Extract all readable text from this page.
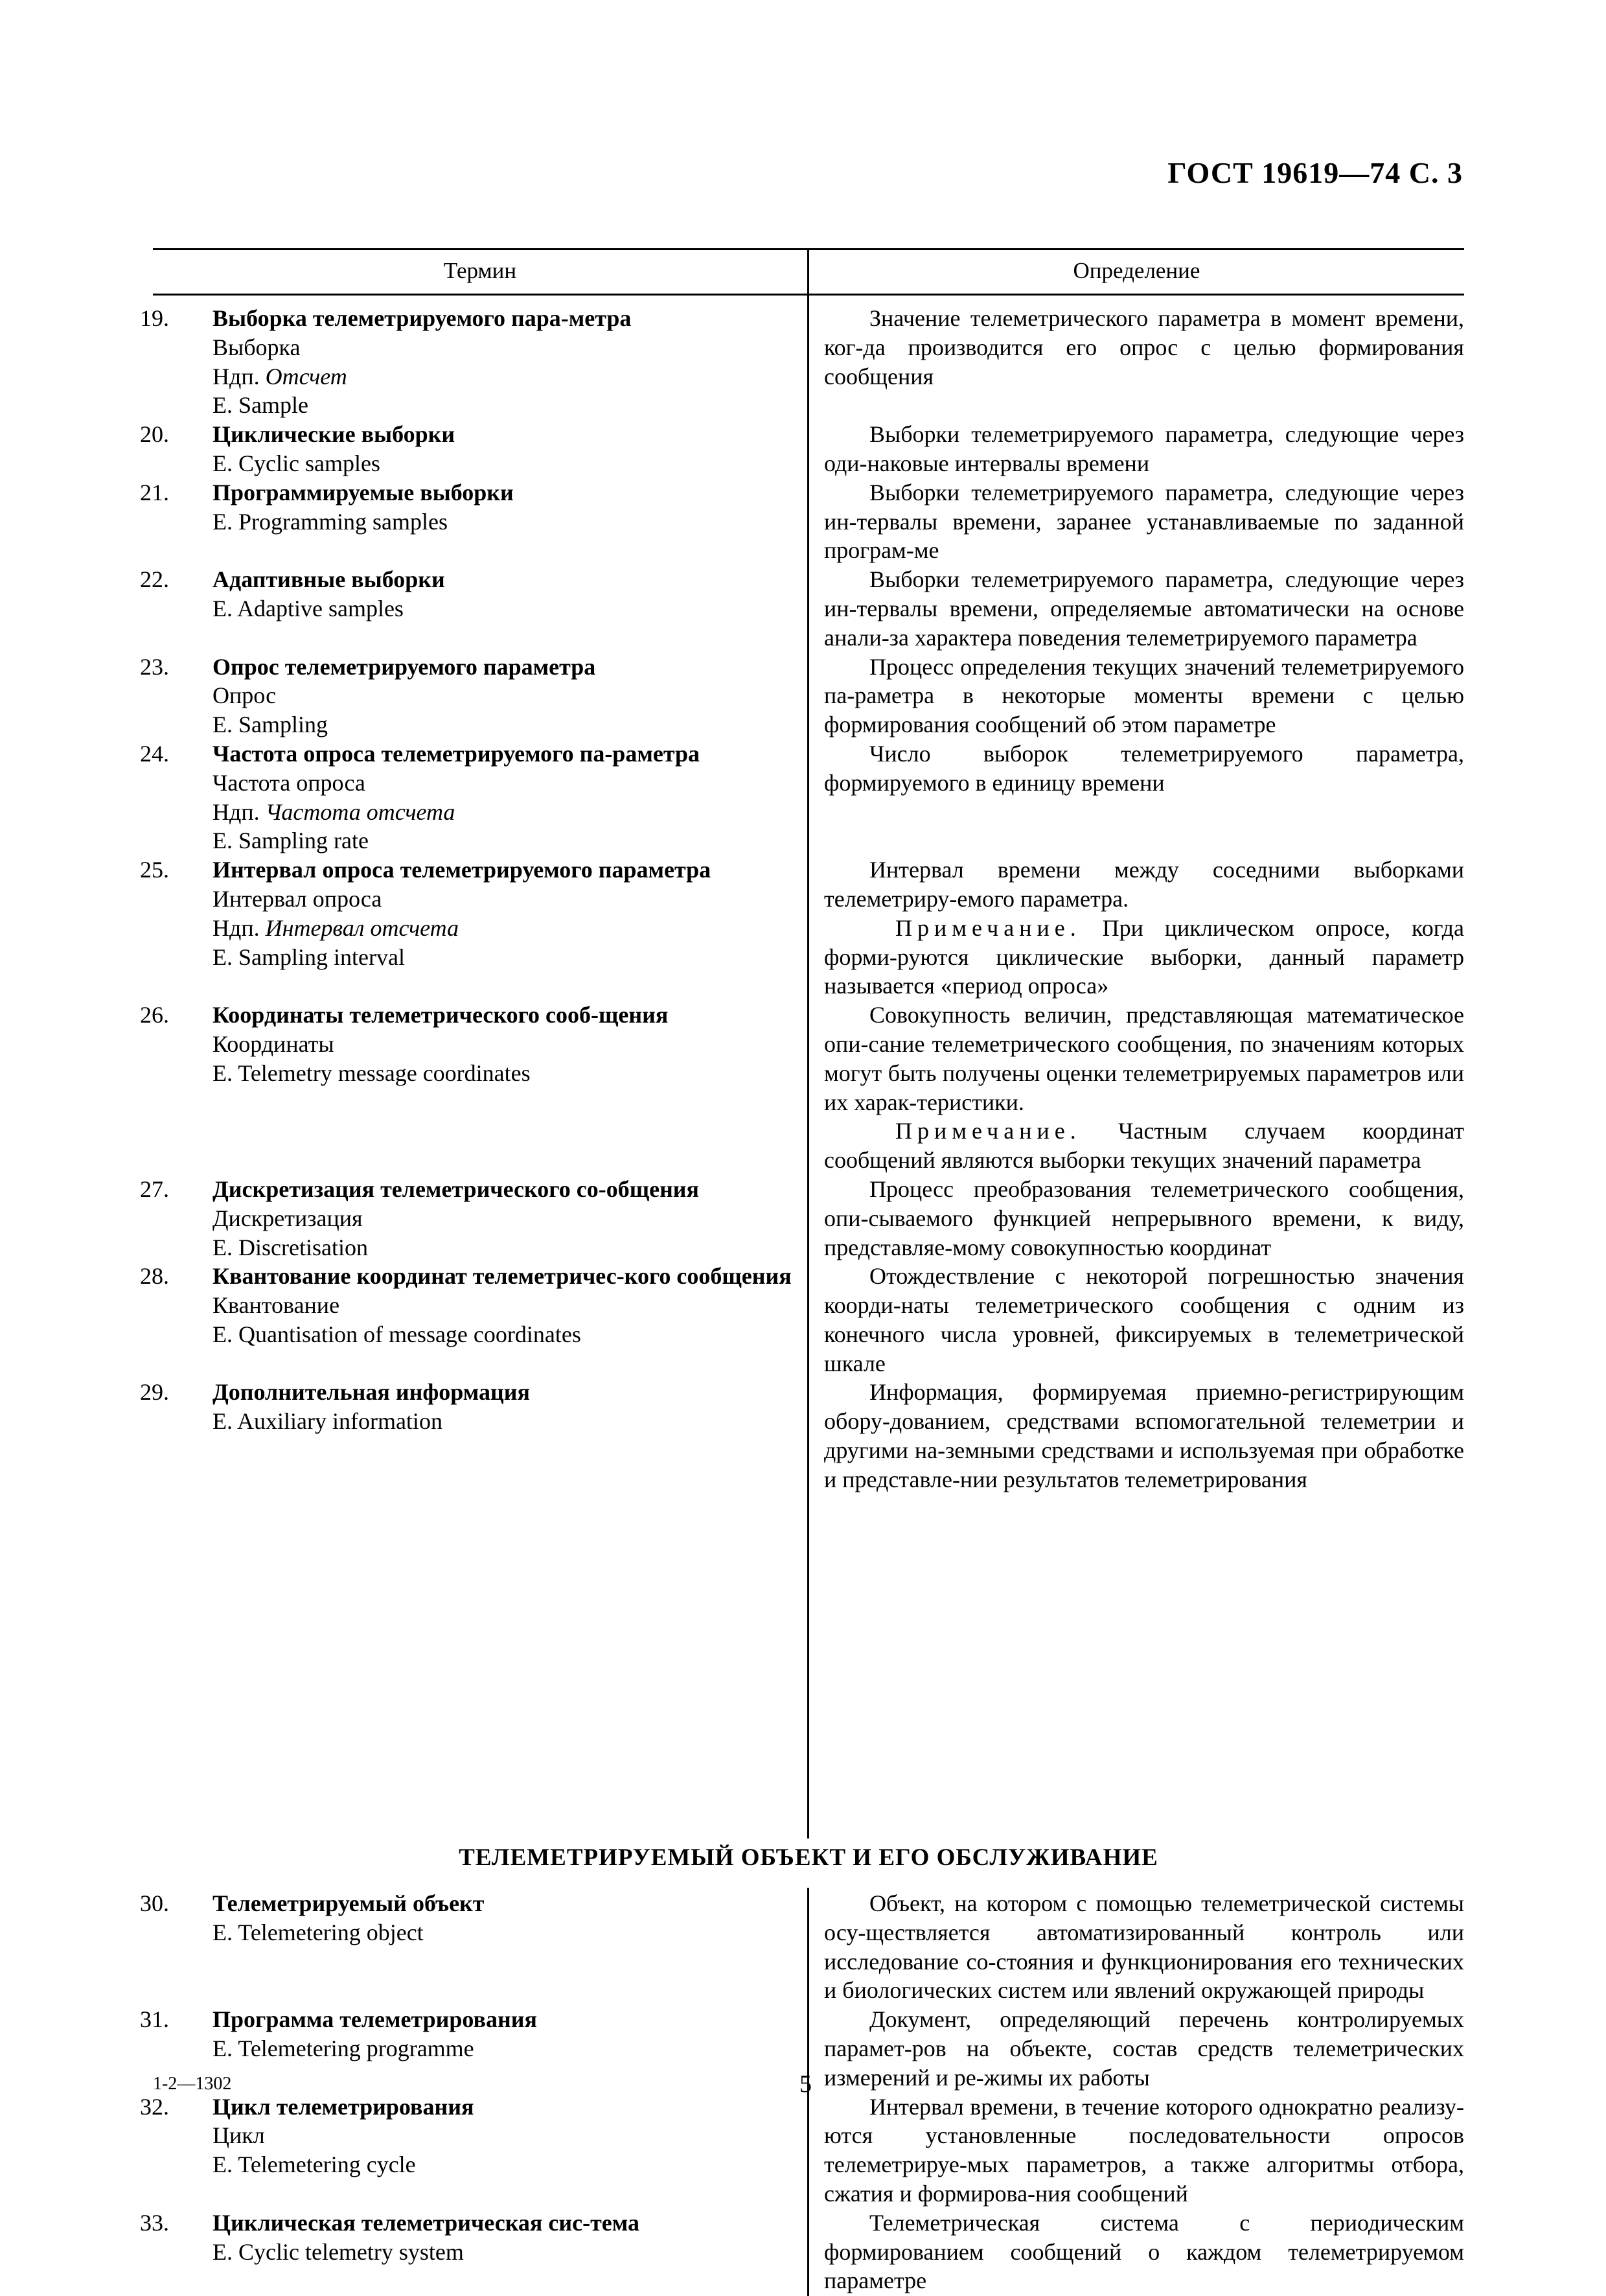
ГОСТ 19619—74 С. 3
Термин	Определение
19. Выборка телеметрируемого пара-метра
Выборка
Ндп. Отсчет
E. Sample

Значение телеметрического параметра в момент времени, ког-да производится его опрос с целью формирования сообщения

20. Циклические выборки
E. Cyclic samples

Выборки телеметрируемого параметра, следующие через оди-наковые интервалы времени

21. Программируемые выборки
E. Programming samples

Выборки телеметрируемого параметра, следующие через ин-тервалы времени, заранее устанавливаемые по заданной програм-ме

22. Адаптивные выборки
E. Adaptive samples

Выборки телеметрируемого параметра, следующие через ин-тервалы времени, определяемые автоматически на основе анали-за характера поведения телеметрируемого параметра

23. Опрос телеметрируемого параметра
Опрос
E. Sampling

Процесс определения текущих значений телеметрируемого па-раметра в некоторые моменты времени с целью формирования сообщений об этом параметре

24. Частота опроса телеметрируемого па-раметра
Частота опроса
Ндп. Частота отсчета
E. Sampling rate

Число выборок телеметрируемого параметра, формируемого в единицу времени

25. Интервал опроса телеметрируемого параметра
Интервал опроса
Ндп. Интервал отсчета
E. Sampling interval

Интервал времени между соседними выборками телеметриру-емого параметра.

Примечание. При циклическом опросе, когда форми-руются циклические выборки, данный параметр называется «период опроса»

26. Координаты телеметрического сооб-щения
Координаты
E. Telemetry message coordinates

Совокупность величин, представляющая математическое опи-сание телеметрического сообщения, по значениям которых могут быть получены оценки телеметрируемых параметров или их харак-теристики.

Примечание. Частным случаем координат сообщений являются выборки текущих значений параметра

27. Дискретизация телеметрического со-общения
Дискретизация
E. Discretisation

Процесс преобразования телеметрического сообщения, опи-сываемого функцией непрерывного времени, к виду, представляе-мому совокупностью координат

28. Квантование координат телеметричес-кого сообщения
Квантование
E. Quantisation of message coordinates

Отождествление с некоторой погрешностью значения коорди-наты телеметрического сообщения с одним из конечного числа уровней, фиксируемых в телеметрической шкале

29. Дополнительная информация
E. Auxiliary information

Информация, формируемая приемно-регистрирующим обору-дованием, средствами вспомогательной телеметрии и другими на-земными средствами и используемая при обработке и представле-нии результатов телеметрирования

ТЕЛЕМЕТРИРУЕМЫЙ ОБЪЕКТ И ЕГО ОБСЛУЖИВАНИЕ
30. Телеметрируемый объект
E. Telemetering object

Объект, на котором с помощью телеметрической системы осу-ществляется автоматизированный контроль или исследование со-стояния и функционирования его технических и биологических систем или явлений окружающей природы

31. Программа телеметрирования
E. Telemetering programme

Документ, определяющий перечень контролируемых парамет-ров на объекте, состав средств телеметрических измерений и ре-жимы их работы

32. Цикл телеметрирования
Цикл
E. Telemetering cycle

Интервал времени, в течение которого однократно реализу-ются установленные последовательности опросов телеметрируе-мых параметров, а также алгоритмы отбора, сжатия и формирова-ния сообщений

33. Циклическая телеметрическая сис-тема
E. Cyclic telemetry system

Телеметрическая система с периодическим формированием сообщений о каждом телеметрируемом параметре

1-2—1302	5
